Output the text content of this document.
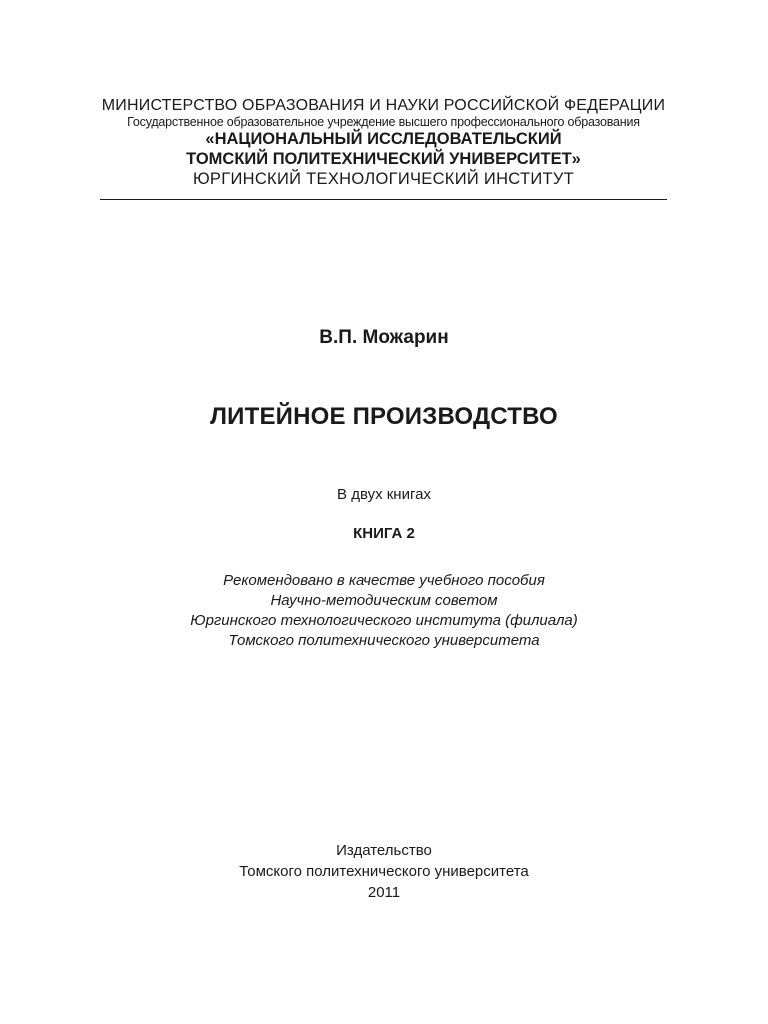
МИНИСТЕРСТВО ОБРАЗОВАНИЯ И НАУКИ РОССИЙСКОЙ ФЕДЕРАЦИИ
Государственное образовательное учреждение высшего профессионального образования
«НАЦИОНАЛЬНЫЙ ИССЛЕДОВАТЕЛЬСКИЙ
ТОМСКИЙ ПОЛИТЕХНИЧЕСКИЙ УНИВЕРСИТЕТ»
ЮРГИНСКИЙ ТЕХНОЛОГИЧЕСКИЙ ИНСТИТУТ
В.П. Можарин
ЛИТЕЙНОЕ ПРОИЗВОДСТВО
В двух книгах
КНИГА 2
Рекомендовано в качестве учебного пособия
Научно-методическим советом
Юргинского технологического института (филиала)
Томского политехнического университета
Издательство
Томского политехнического университета
2011
